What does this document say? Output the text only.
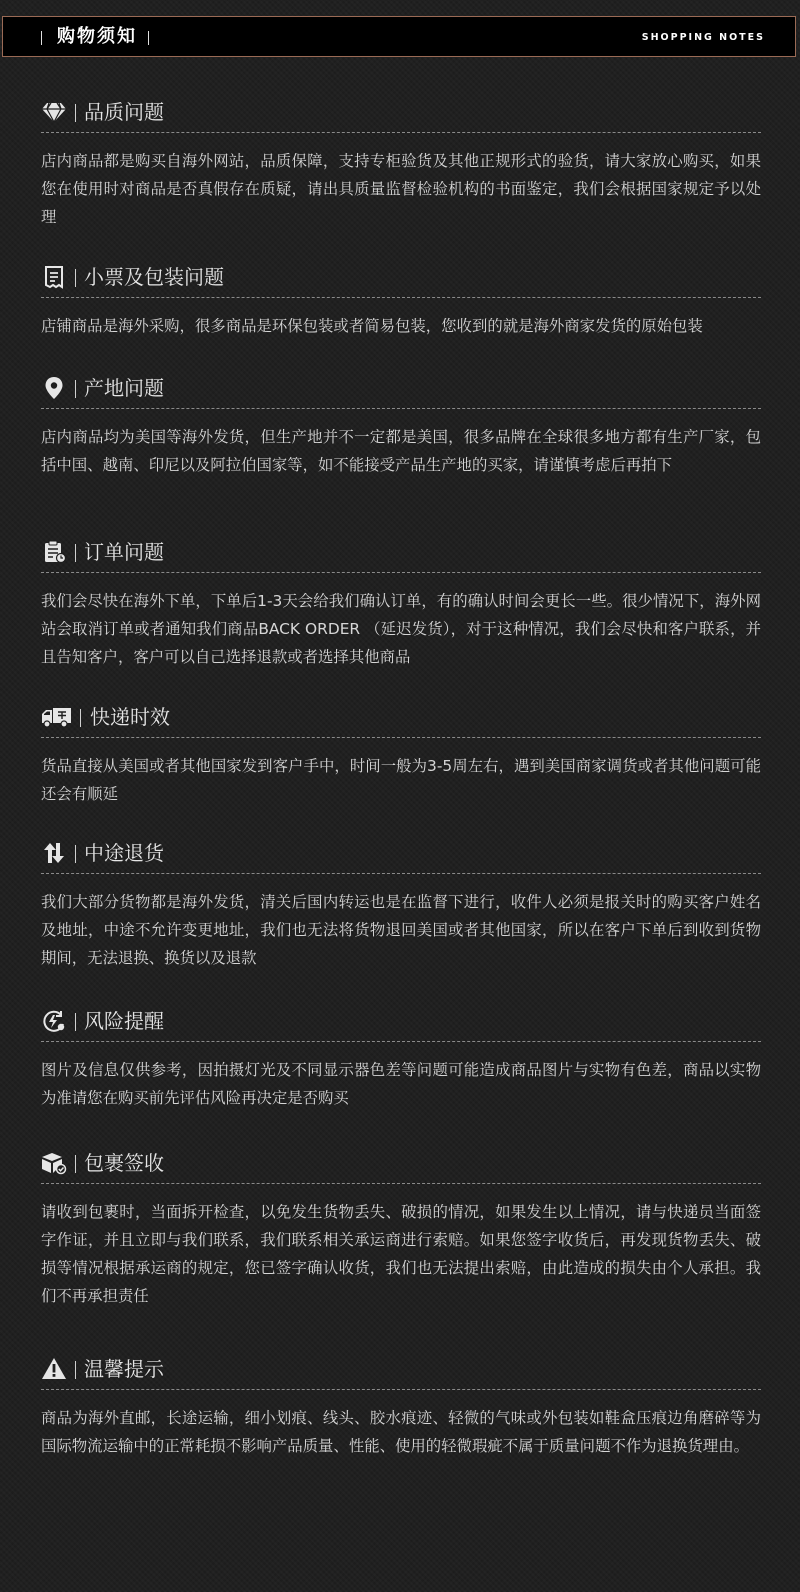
购物须知	SHOPPING NOTES
品质问题
店内商品都是购买自海外网站，品质保障，支持专柜验货及其他正规形式的验货，请大家放心购买，如果您在使用时对商品是否真假存在质疑，请出具质量监督检验机构的书面鉴定，我们会根据国家规定予以处理
小票及包装问题
店铺商品是海外采购，很多商品是环保包装或者简易包装，您收到的就是海外商家发货的原始包装
产地问题
店内商品均为美国等海外发货，但生产地并不一定都是美国，很多品牌在全球很多地方都有生产厂家，包括中国、越南、印尼以及阿拉伯国家等，如不能接受产品生产地的买家，请谨慎考虑后再拍下
订单问题
我们会尽快在海外下单，下单后1-3天会给我们确认订单，有的确认时间会更长一些。很少情况下，海外网站会取消订单或者通知我们商品BACK ORDER （延迟发货），对于这种情况，我们会尽快和客户联系，并且告知客户，客户可以自己选择退款或者选择其他商品
快递时效
货品直接从美国或者其他国家发到客户手中，时间一般为3-5周左右，遇到美国商家调货或者其他问题可能还会有顺延
中途退货
我们大部分货物都是海外发货，清关后国内转运也是在监督下进行，收件人必须是报关时的购买客户姓名及地址，中途不允许变更地址，我们也无法将货物退回美国或者其他国家，所以在客户下单后到收到货物期间，无法退换、换货以及退款
风险提醒
图片及信息仅供参考，因拍摄灯光及不同显示器色差等问题可能造成商品图片与实物有色差，商品以实物为准请您在购买前先评估风险再决定是否购买
包裹签收
请收到包裹时，当面拆开检查，以免发生货物丢失、破损的情况，如果发生以上情况，请与快递员当面签字作证，并且立即与我们联系，我们联系相关承运商进行索赔。如果您签字收货后，再发现货物丢失、破损等情况根据承运商的规定，您已签字确认收货，我们也无法提出索赔，由此造成的损失由个人承担。我们不再承担责任
温馨提示
商品为海外直邮，长途运输，细小划痕、线头、胶水痕迹、轻微的气味或外包装如鞋盒压痕边角磨碎等为国际物流运输中的正常耗损不影响产品质量、性能、使用的轻微瑕疵不属于质量问题不作为退换货理由。
